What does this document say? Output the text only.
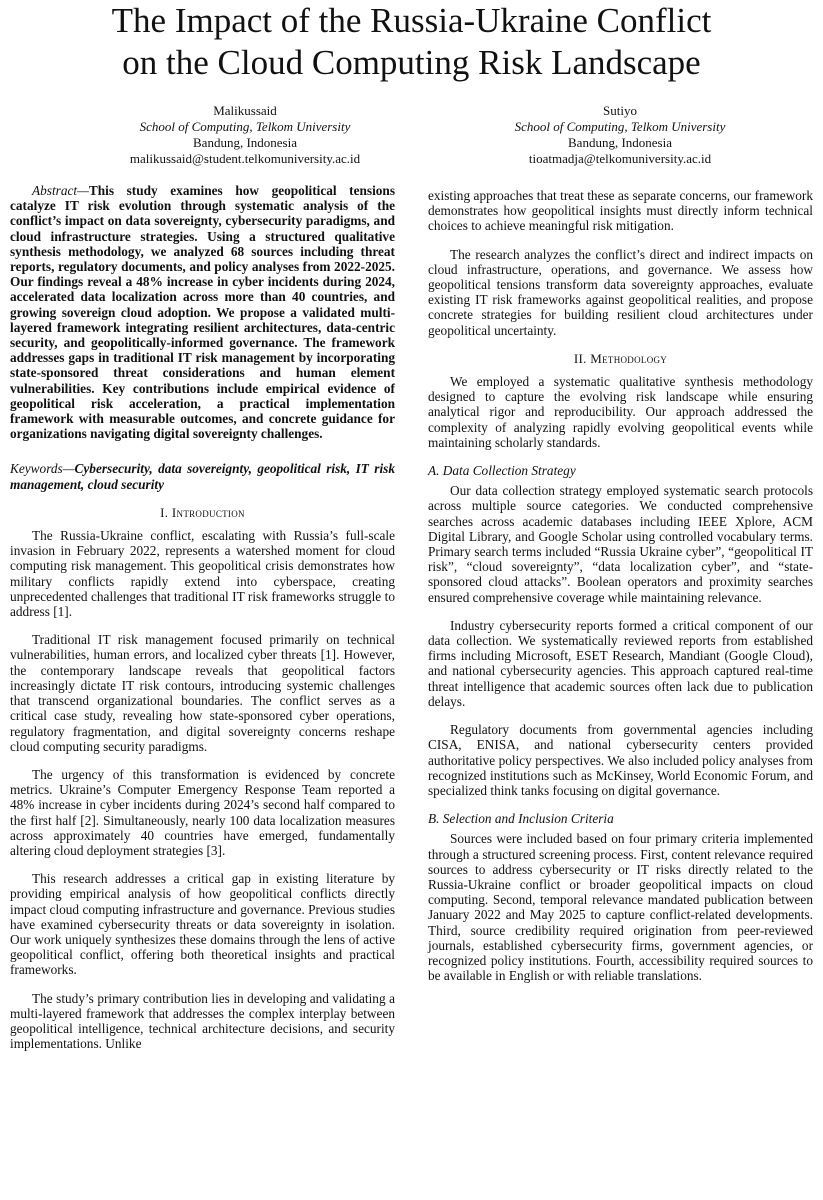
The Impact of the Russia-Ukraine Conflict
on the Cloud Computing Risk Landscape
Malikussaid
School of Computing, Telkom University
Bandung, Indonesia
malikussaid@student.telkomuniversity.ac.id
Sutiyo
School of Computing, Telkom University
Bandung, Indonesia
tioatmadja@telkomuniversity.ac.id

Abstract—This study examines how geopolitical tensions catalyze IT risk evolution through systematic analysis of the conflict’s impact on data sovereignty, cybersecurity paradigms, and cloud infrastructure strategies. Using a structured qualitative synthesis methodology, we analyzed 68 sources including threat reports, regulatory documents, and policy analyses from 2022-2025. Our findings reveal a 48% increase in cyber incidents during 2024, accelerated data localization across more than 40 countries, and growing sovereign cloud adoption. We propose a validated multi-layered framework integrating resilient architectures, data-centric security, and geopolitically-informed governance. The framework addresses gaps in traditional IT risk management by incorporating state-sponsored threat considerations and human element vulnerabilities. Key contributions include empirical evidence of geopolitical risk acceleration, a practical implementation framework with measurable outcomes, and concrete guidance for organizations navigating digital sovereignty challenges.

Keywords—Cybersecurity, data sovereignty, geopolitical risk, IT risk management, cloud security

I. Introduction

The Russia-Ukraine conflict, escalating with Russia’s full-scale invasion in February 2022, represents a watershed moment for cloud computing risk management. This geopolitical crisis demonstrates how military conflicts rapidly extend into cyberspace, creating unprecedented challenges that traditional IT risk frameworks struggle to address [1].

Traditional IT risk management focused primarily on technical vulnerabilities, human errors, and localized cyber threats [1]. However, the contemporary landscape reveals that geopolitical factors increasingly dictate IT risk contours, introducing systemic challenges that transcend organizational boundaries. The conflict serves as a critical case study, revealing how state-sponsored cyber operations, regulatory fragmentation, and digital sovereignty concerns reshape cloud computing security paradigms.

The urgency of this transformation is evidenced by concrete metrics. Ukraine’s Computer Emergency Response Team reported a 48% increase in cyber incidents during 2024’s second half compared to the first half [2]. Simultaneously, nearly 100 data localization measures across approximately 40 countries have emerged, fundamentally altering cloud deployment strategies [3].

This research addresses a critical gap in existing literature by providing empirical analysis of how geopolitical conflicts directly impact cloud computing infrastructure and governance. Previous studies have examined cybersecurity threats or data sovereignty in isolation. Our work uniquely synthesizes these domains through the lens of active geopolitical conflict, offering both theoretical insights and practical frameworks.

The study’s primary contribution lies in developing and validating a multi-layered framework that addresses the complex interplay between geopolitical intelligence, technical architecture decisions, and security implementations. Unlike

existing approaches that treat these as separate concerns, our framework demonstrates how geopolitical insights must directly inform technical choices to achieve meaningful risk mitigation.

The research analyzes the conflict’s direct and indirect impacts on cloud infrastructure, operations, and governance. We assess how geopolitical tensions transform data sovereignty approaches, evaluate existing IT risk frameworks against geopolitical realities, and propose concrete strategies for building resilient cloud architectures under geopolitical uncertainty.

II. Methodology

We employed a systematic qualitative synthesis methodology designed to capture the evolving risk landscape while ensuring analytical rigor and reproducibility. Our approach addressed the complexity of analyzing rapidly evolving geopolitical events while maintaining scholarly standards.

A. Data Collection Strategy

Our data collection strategy employed systematic search protocols across multiple source categories. We conducted comprehensive searches across academic databases including IEEE Xplore, ACM Digital Library, and Google Scholar using controlled vocabulary terms. Primary search terms included “Russia Ukraine cyber”, “geopolitical IT risk”, “cloud sovereignty”, “data localization cyber”, and “state-sponsored cloud attacks”. Boolean operators and proximity searches ensured comprehensive coverage while maintaining relevance.

Industry cybersecurity reports formed a critical component of our data collection. We systematically reviewed reports from established firms including Microsoft, ESET Research, Mandiant (Google Cloud), and national cybersecurity agencies. This approach captured real-time threat intelligence that academic sources often lack due to publication delays.

Regulatory documents from governmental agencies including CISA, ENISA, and national cybersecurity centers provided authoritative policy perspectives. We also included policy analyses from recognized institutions such as McKinsey, World Economic Forum, and specialized think tanks focusing on digital governance.

B. Selection and Inclusion Criteria

Sources were included based on four primary criteria implemented through a structured screening process. First, content relevance required sources to address cybersecurity or IT risks directly related to the Russia-Ukraine conflict or broader geopolitical impacts on cloud computing. Second, temporal relevance mandated publication between January 2022 and May 2025 to capture conflict-related developments. Third, source credibility required origination from peer-reviewed journals, established cybersecurity firms, government agencies, or recognized policy institutions. Fourth, accessibility required sources to be available in English or with reliable translations.
